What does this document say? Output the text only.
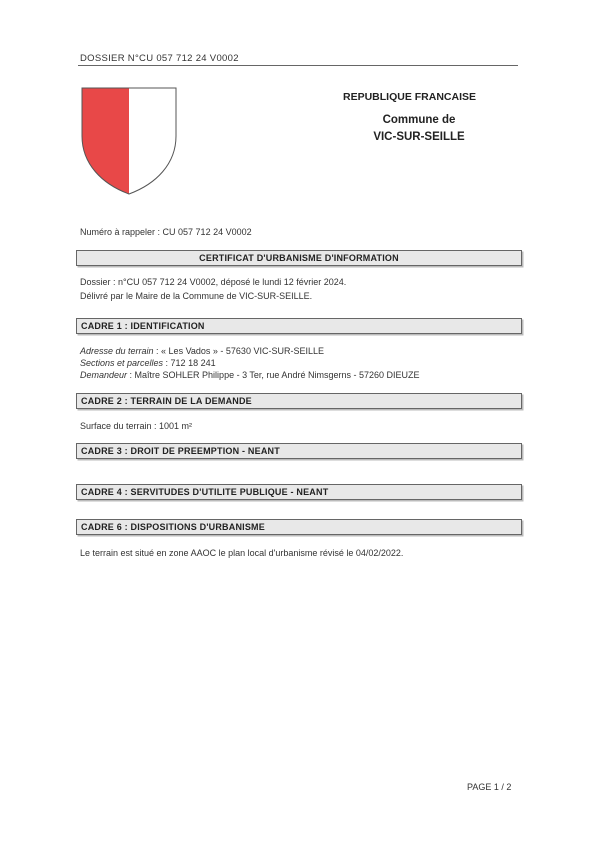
DOSSIER N°CU 057 712 24 V0002
REPUBLIQUE FRANCAISE
Commune de
VIC-SUR-SEILLE
Numéro à rappeler : CU 057 712 24 V0002
CERTIFICAT D'URBANISME D'INFORMATION
Dossier : n°CU 057 712 24 V0002, déposé le lundi 12 février 2024.
Délivré par le Maire de la Commune de VIC-SUR-SEILLE.
CADRE 1 : IDENTIFICATION
Adresse du terrain : « Les Vados » - 57630 VIC-SUR-SEILLE
Sections et parcelles : 712 18 241
Demandeur : Maître SOHLER Philippe - 3 Ter, rue André Nimsgerns - 57260 DIEUZE
CADRE 2 : TERRAIN DE LA DEMANDE
Surface du terrain : 1001 m²
CADRE 3 : DROIT DE PREEMPTION - NEANT
CADRE 4 : SERVITUDES D'UTILITE PUBLIQUE - NEANT
CADRE 6 : DISPOSITIONS D'URBANISME
Le terrain est situé en zone AAOC le plan local d'urbanisme révisé le 04/02/2022.
PAGE 1 / 2
